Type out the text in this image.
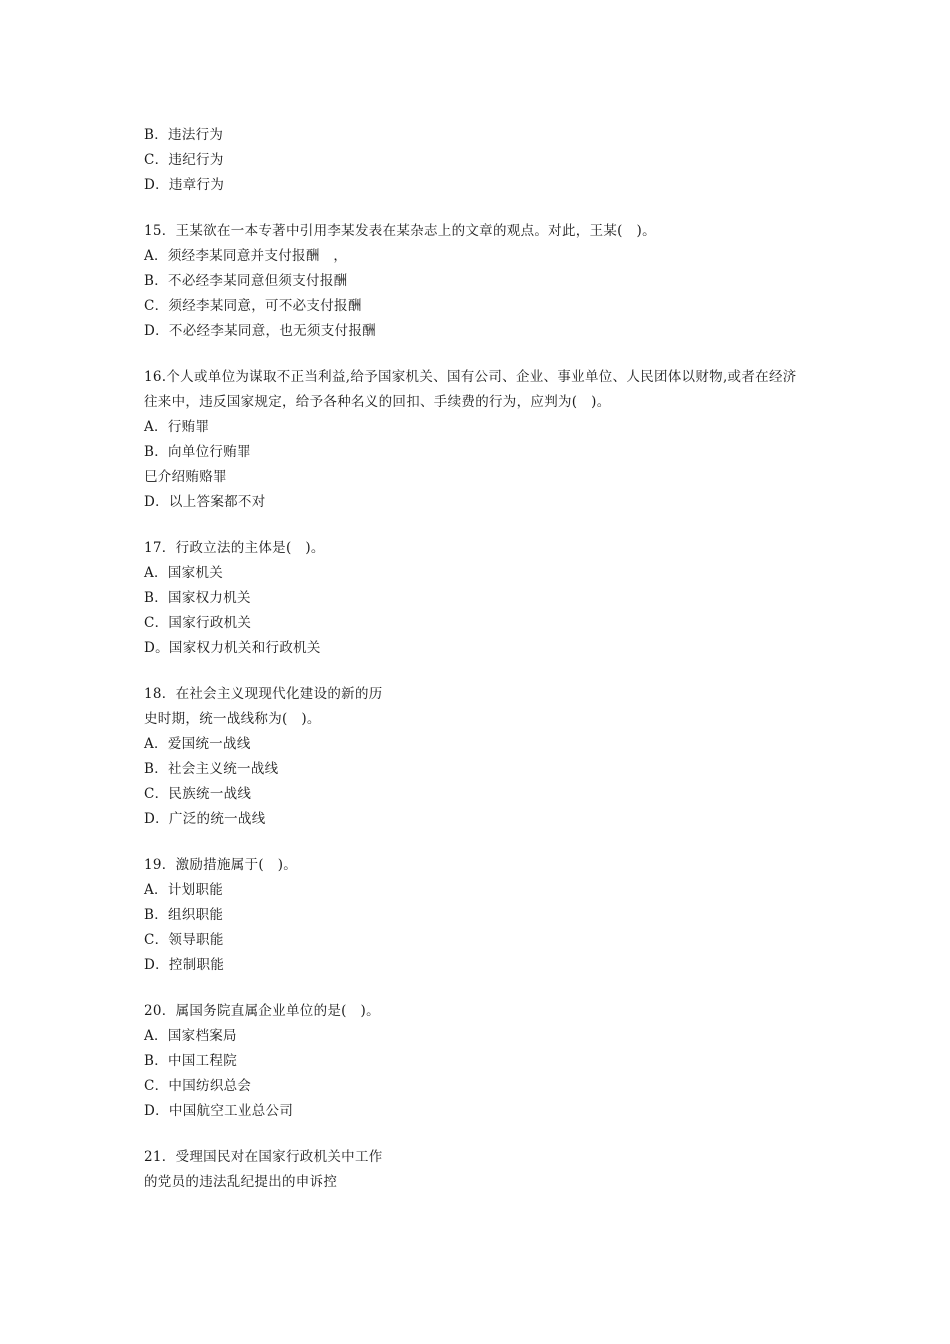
B．违法行为
C．违纪行为
D．违章行为
15．王某欲在一本专著中引用李某发表在某杂志上的文章的观点。对此，王某(   )。
A．须经李某同意并支付报酬   ，
B．不必经李某同意但须支付报酬
C．须经李某同意，可不必支付报酬
D．不必经李某同意，也无须支付报酬
16.个人或单位为谋取不正当利益,给予国家机关、国有公司、企业、事业单位、人民团体以财物,或者在经济
往来中，违反国家规定，给予各种名义的回扣、手续费的行为，应判为(   )。
A．行贿罪
B．向单位行贿罪
巳介绍贿赂罪
D．以上答案都不对
17．行政立法的主体是(   )。
A．国家机关
B．国家权力机关
C．国家行政机关
D。国家权力机关和行政机关
18．在社会主义现现代化建设的新的历
史时期，统一战线称为(   )。
A．爱国统一战线
B．社会主义统一战线
C．民族统一战线
D．广泛的统一战线
19．激励措施属于(   )。
A．计划职能
B．组织职能
C．领导职能
D．控制职能
20．属国务院直属企业单位的是(   )。
A．国家档案局
B．中国工程院
C．中国纺织总会
D．中国航空工业总公司
21．受理国民对在国家行政机关中工作
的党员的违法乱纪提出的申诉控
